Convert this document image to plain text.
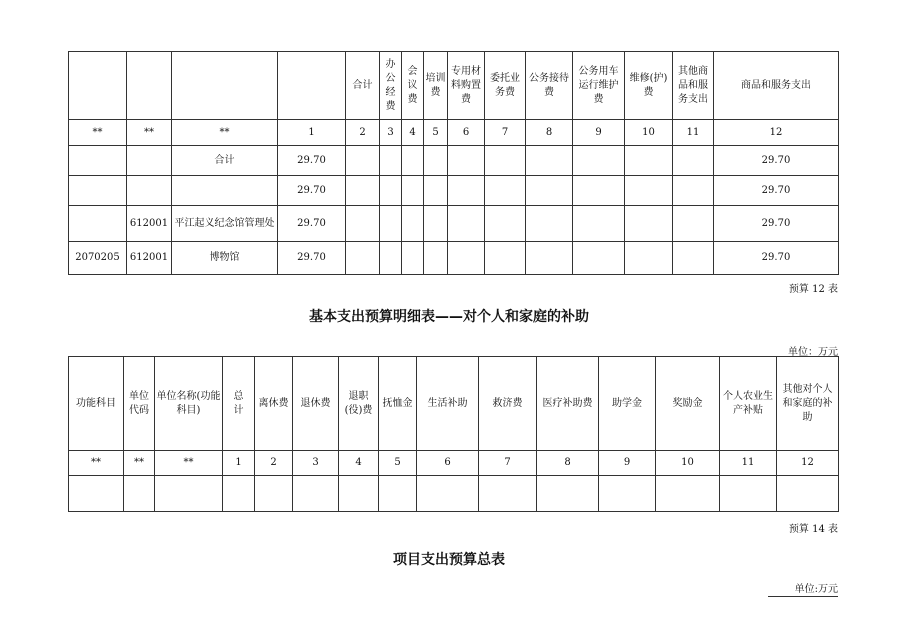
				合计	办公经费	会议费	培训费	专用材料购置费	委托业务费	公务接待费	公务用车运行维护费	维修(护)费	其他商品和服务支出	商品和服务支出
**	**	**	1	2	3	4	5	6	7	8	9	10	11	12
		合计	29.70											29.70
			29.70											29.70
	612001	平江起义纪念馆管理处	29.70											29.70
2070205	612001	博物馆	29.70											29.70
预算 12 表
基本支出预算明细表——对个人和家庭的补助
单位：万元
功能科目	单位代码	单位名称(功能科目)	总　计	离休费	退休费	退职(役)费	抚恤金	生活补助	救济费	医疗补助费	助学金	奖励金	个人农业生产补贴	其他对个人和家庭的补助
**	**	**	1	2	3	4	5	6	7	8	9	10	11	12

预算 14 表
项目支出预算总表
单位:万元
